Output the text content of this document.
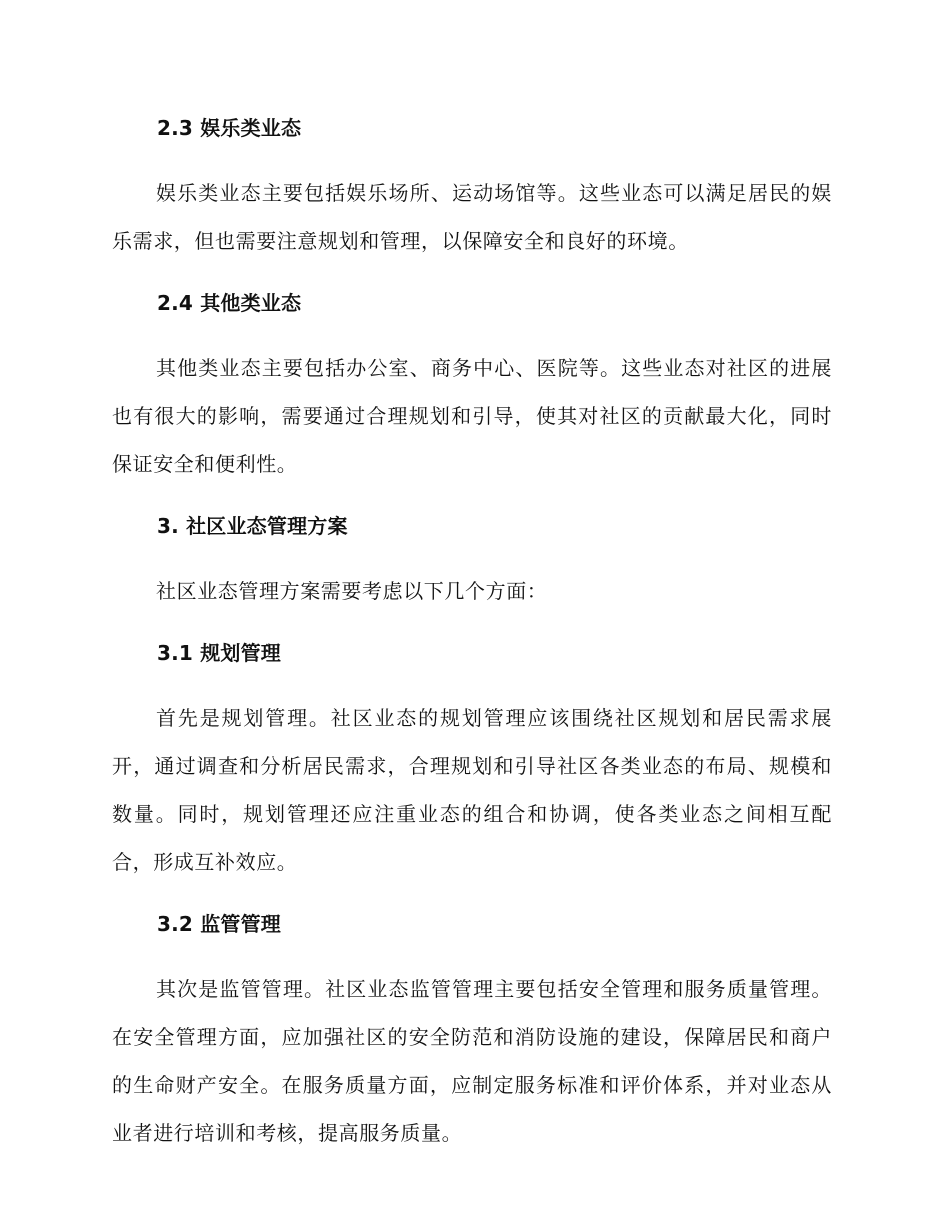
2.3 娱乐类业态

娱乐类业态主要包括娱乐场所、运动场馆等。这些业态可以满足居民的娱乐需求，但也需要注意规划和管理，以保障安全和良好的环境。

2.4 其他类业态

其他类业态主要包括办公室、商务中心、医院等。这些业态对社区的进展也有很大的影响，需要通过合理规划和引导，使其对社区的贡献最大化，同时保证安全和便利性。

3. 社区业态管理方案

社区业态管理方案需要考虑以下几个方面：

3.1 规划管理

首先是规划管理。社区业态的规划管理应该围绕社区规划和居民需求展开，通过调查和分析居民需求，合理规划和引导社区各类业态的布局、规模和数量。同时，规划管理还应注重业态的组合和协调，使各类业态之间相互配合，形成互补效应。

3.2 监管管理

其次是监管管理。社区业态监管管理主要包括安全管理和服务质量管理。在安全管理方面，应加强社区的安全防范和消防设施的建设，保障居民和商户的生命财产安全。在服务质量方面，应制定服务标准和评价体系，并对业态从业者进行培训和考核，提高服务质量。
